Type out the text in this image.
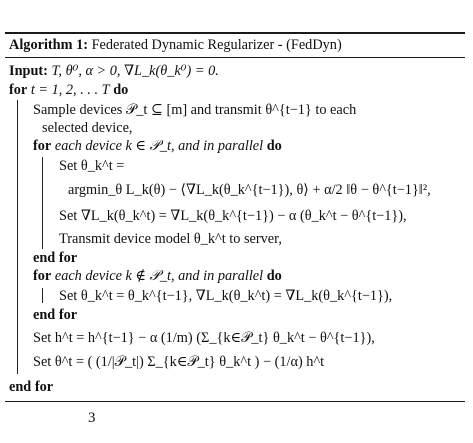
Algorithm 1: Federated Dynamic Regularizer - (FedDyn)
Input: T, θ⁰, α > 0, ∇L_k(θ_k⁰) = 0.
for t = 1, 2, . . . T do
Sample devices 𝒫_t ⊆ [m] and transmit θ^{t−1} to each
selected device,
for each device k ∈ 𝒫_t, and in parallel do
Set θ_k^t =
argmin_θ L_k(θ) − ⟨∇L_k(θ_k^{t−1}), θ⟩ + α/2 ‖θ − θ^{t−1}‖²,
Set ∇L_k(θ_k^t) = ∇L_k(θ_k^{t−1}) − α (θ_k^t − θ^{t−1}),
Transmit device model θ_k^t to server,
end for
for each device k ∉ 𝒫_t, and in parallel do
Set θ_k^t = θ_k^{t−1}, ∇L_k(θ_k^t) = ∇L_k(θ_k^{t−1}),
end for
Set h^t = h^{t−1} − α (1/m) (Σ_{k∈𝒫_t} θ_k^t − θ^{t−1}),
Set θ^t = ( (1/|𝒫_t|) Σ_{k∈𝒫_t} θ_k^t ) − (1/α) h^t
end for
3
